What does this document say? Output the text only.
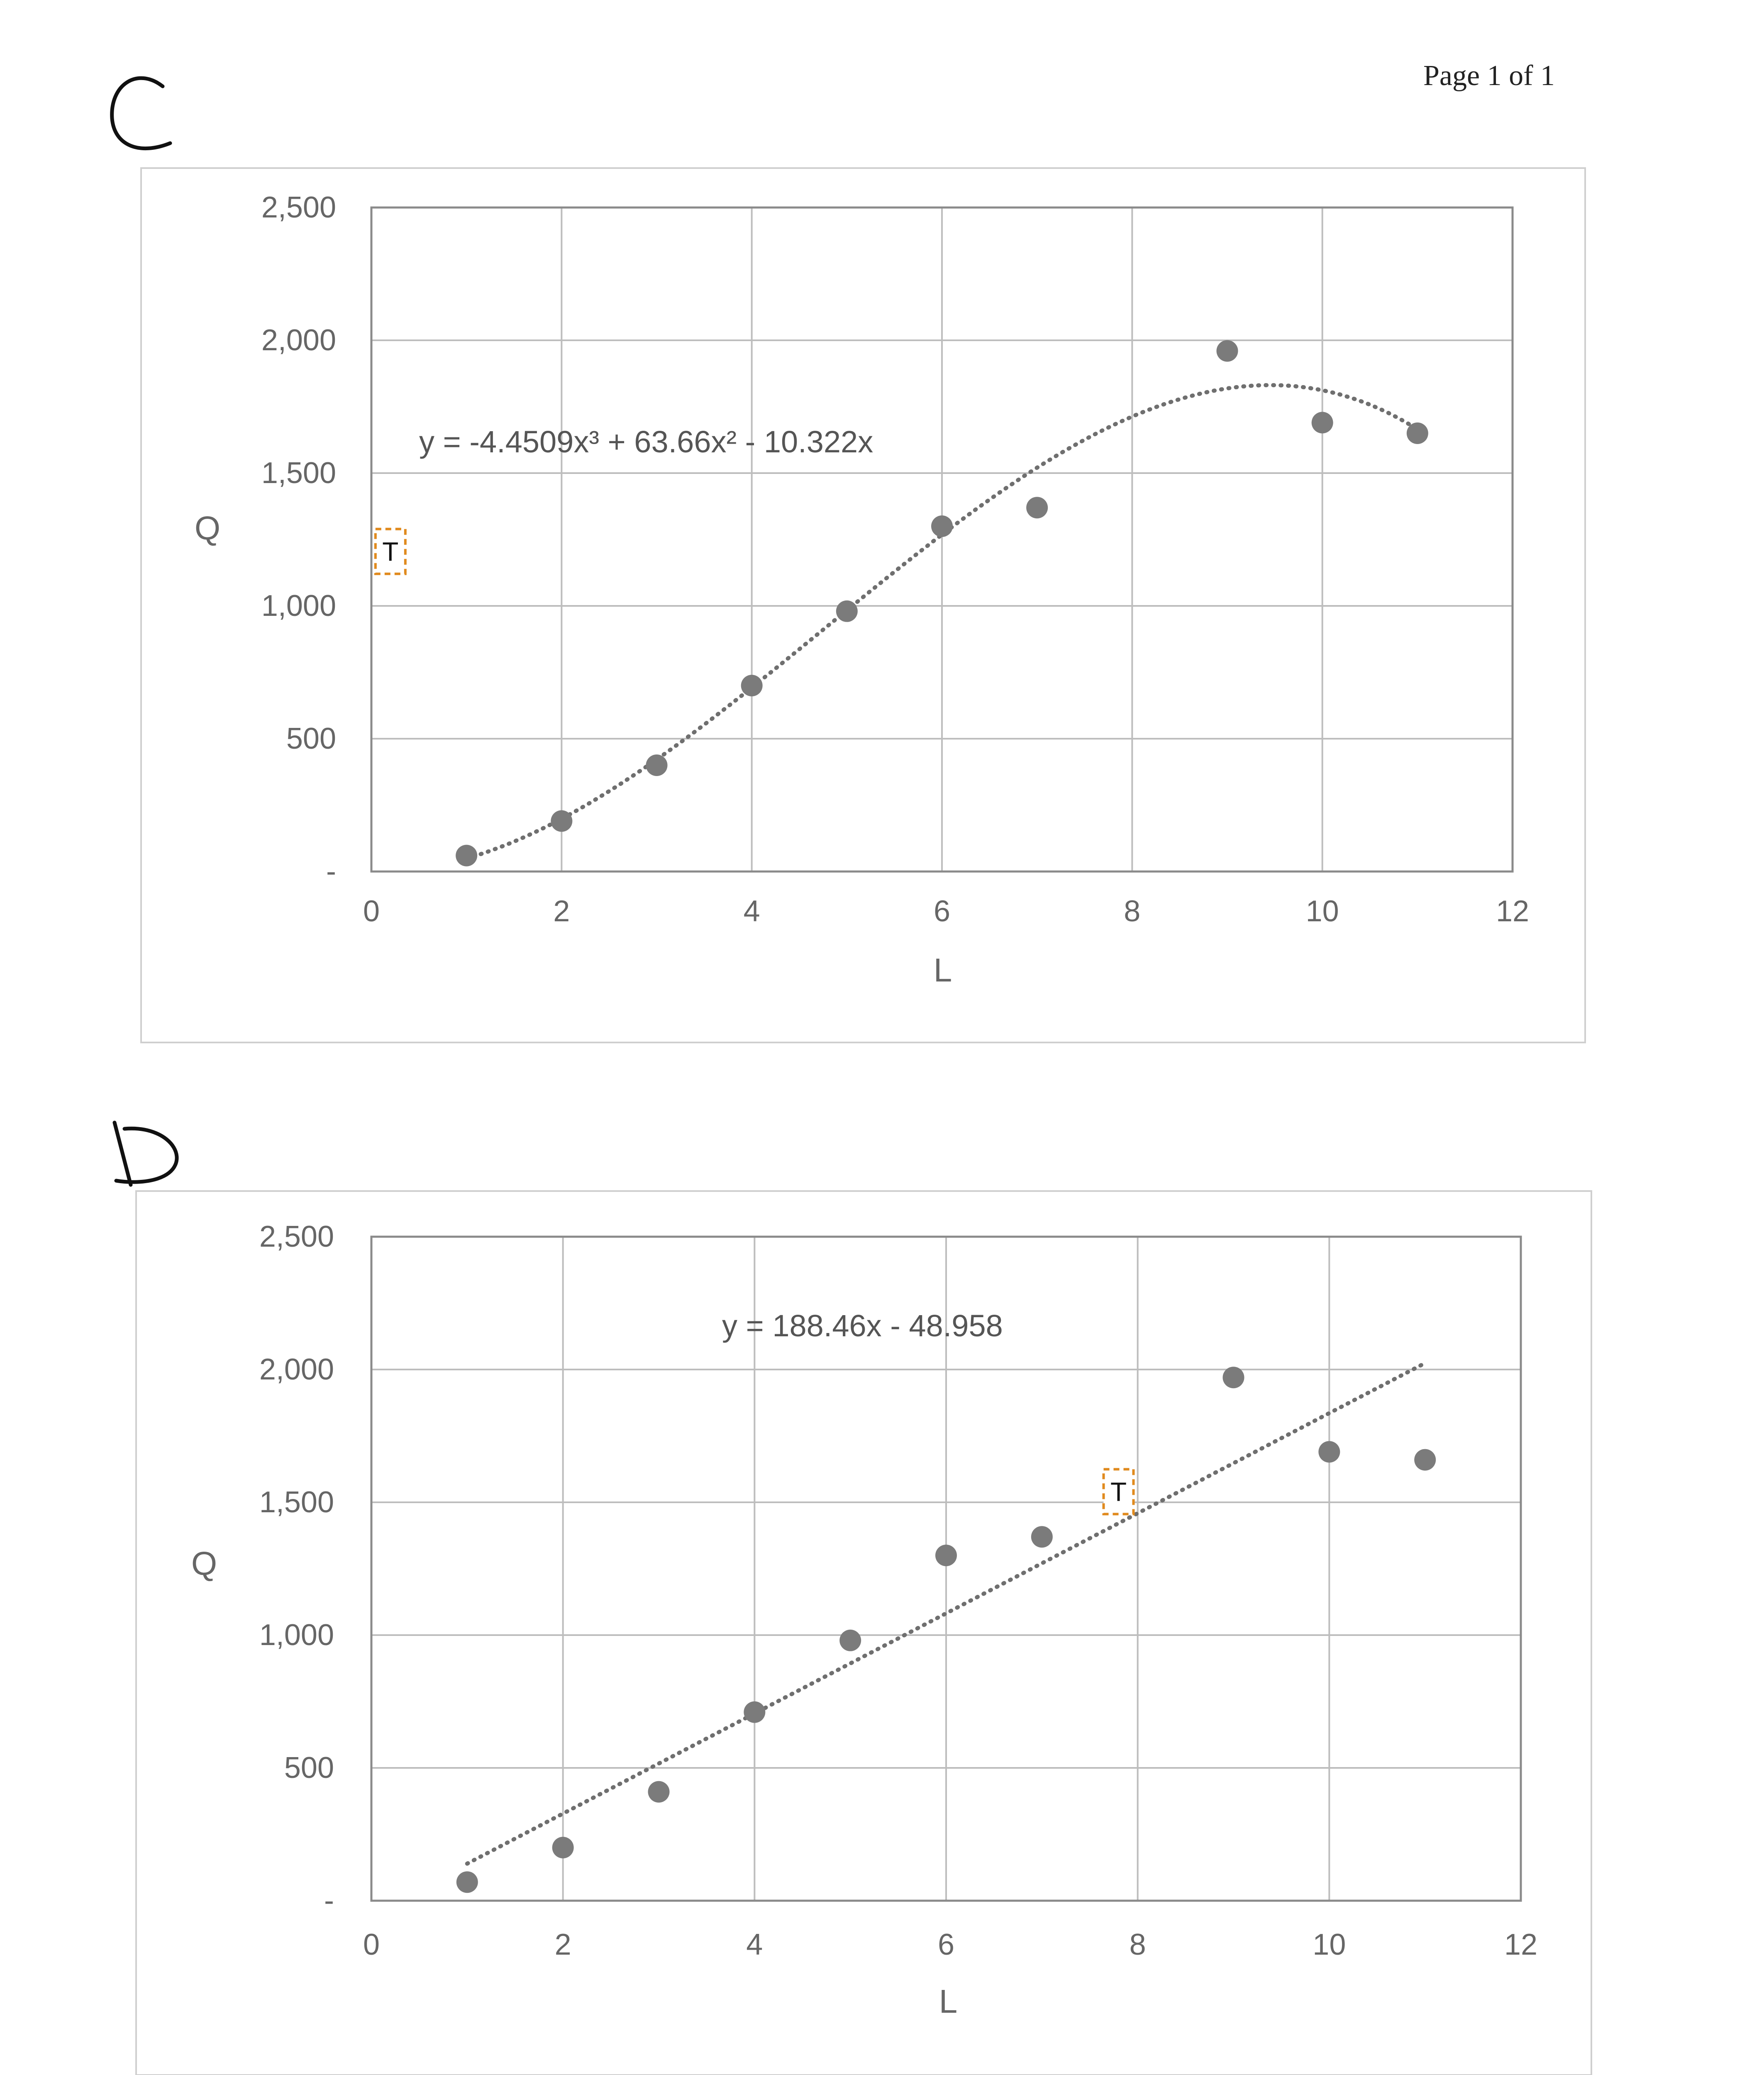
Page 1 of 1
0	2	4	6	8	10	12
-
500
1,000
1,500
2,000
2,500
Q
L
y = -4.4509x³ + 63.66x² - 10.322x
T
0	2	4	6	8	10	12
-
500
1,000
1,500
2,000
2,500
Q
L
y = 188.46x - 48.958
T
